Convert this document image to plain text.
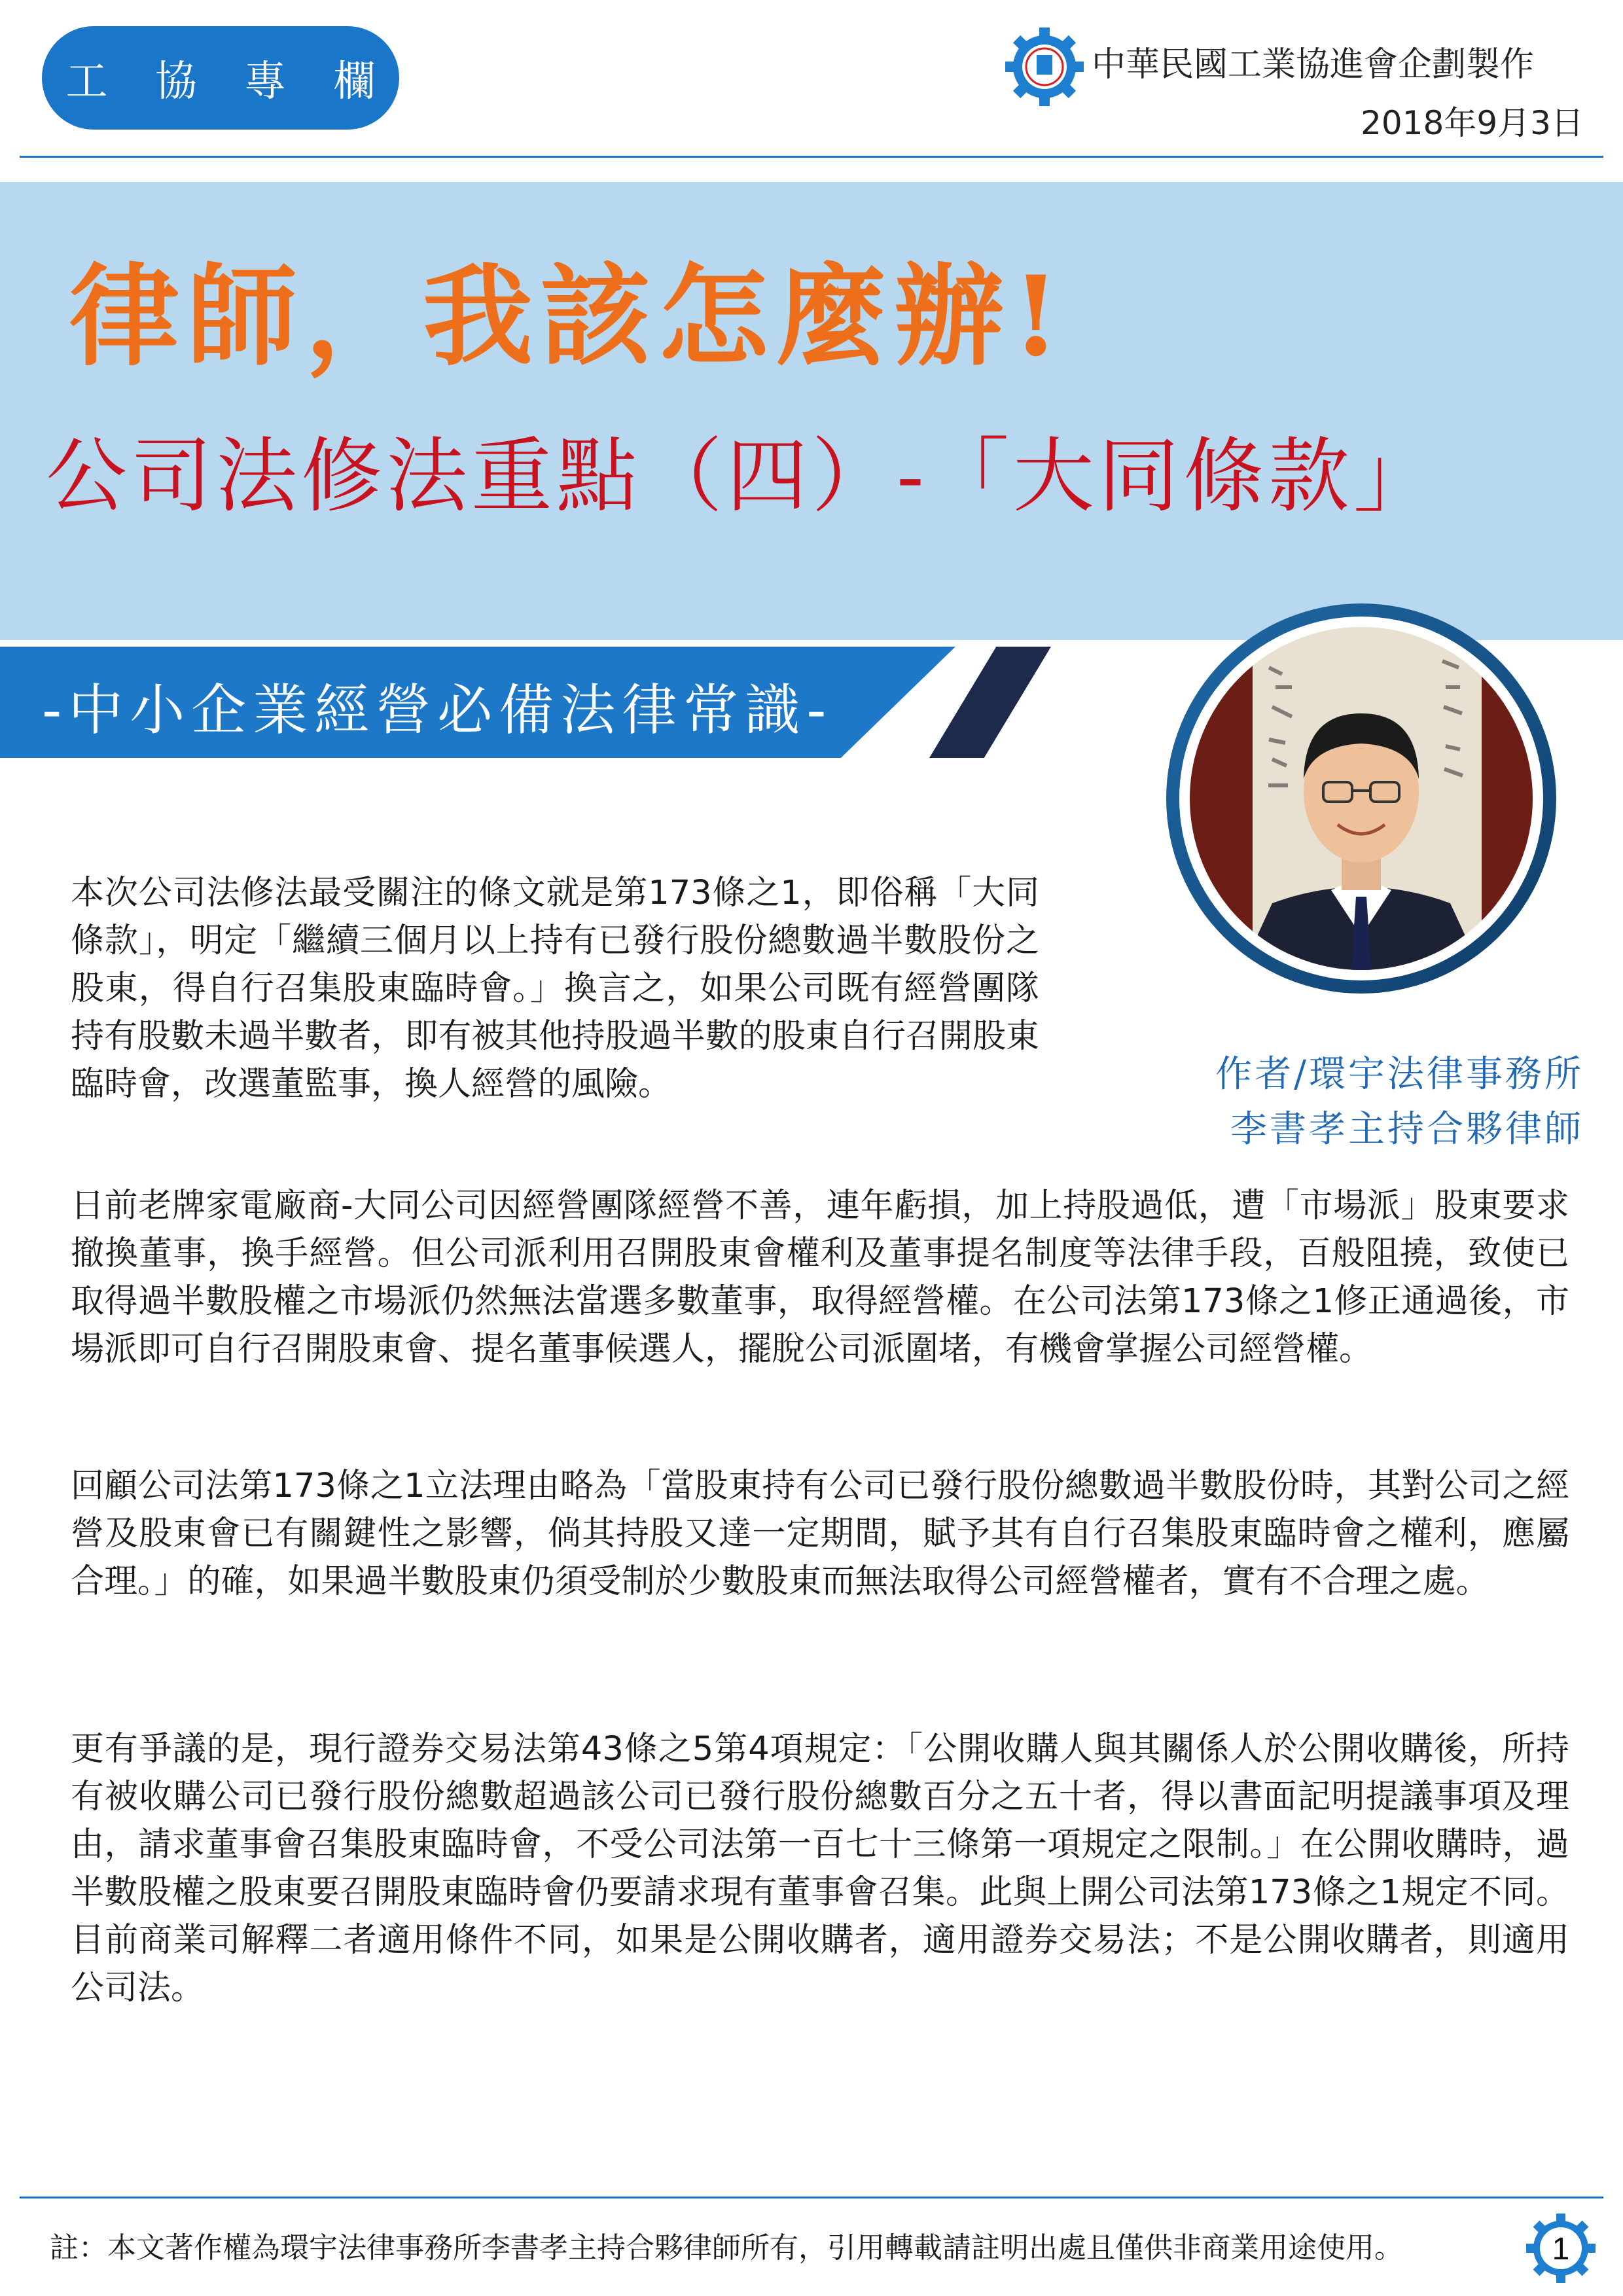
工 協 專 欄	中華民國工業協進會企劃製作
2018年9月3日
律師，我該怎麼辦!
公司法修法重點（四）-「大同條款」
-中小企業經營必備法律常識-
作者/環宇法律事務所
李書孝主持合夥律師

本次公司法修法最受關注的條文就是第173條之1，即俗稱「大同條款」，明定「繼續三個月以上持有已發行股份總數過半數股份之股東，得自行召集股東臨時會。」換言之，如果公司既有經營團隊持有股數未過半數者，即有被其他持股過半數的股東自行召開股東臨時會，改選董監事，換人經營的風險。

日前老牌家電廠商-大同公司因經營團隊經營不善，連年虧損，加上持股過低，遭「市場派」股東要求撤換董事，換手經營。但公司派利用召開股東會權利及董事提名制度等法律手段，百般阻撓，致使已取得過半數股權之市場派仍然無法當選多數董事，取得經營權。在公司法第173條之1修正通過後，市場派即可自行召開股東會、提名董事候選人，擺脫公司派圍堵，有機會掌握公司經營權。

回顧公司法第173條之1立法理由略為「當股東持有公司已發行股份總數過半數股份時，其對公司之經營及股東會已有關鍵性之影響，倘其持股又達一定期間，賦予其有自行召集股東臨時會之權利，應屬合理。」的確，如果過半數股東仍須受制於少數股東而無法取得公司經營權者，實有不合理之處。

更有爭議的是，現行證券交易法第43條之5第4項規定：「公開收購人與其關係人於公開收購後，所持有被收購公司已發行股份總數超過該公司已發行股份總數百分之五十者，得以書面記明提議事項及理由，請求董事會召集股東臨時會，不受公司法第一百七十三條第一項規定之限制。」在公開收購時，過半數股權之股東要召開股東臨時會仍要請求現有董事會召集。此與上開公司法第173條之1規定不同。目前商業司解釋二者適用條件不同，如果是公開收購者，適用證券交易法；不是公開收購者，則適用公司法。

註：本文著作權為環宇法律事務所李書孝主持合夥律師所有，引用轉載請註明出處且僅供非商業用途使用。	1
